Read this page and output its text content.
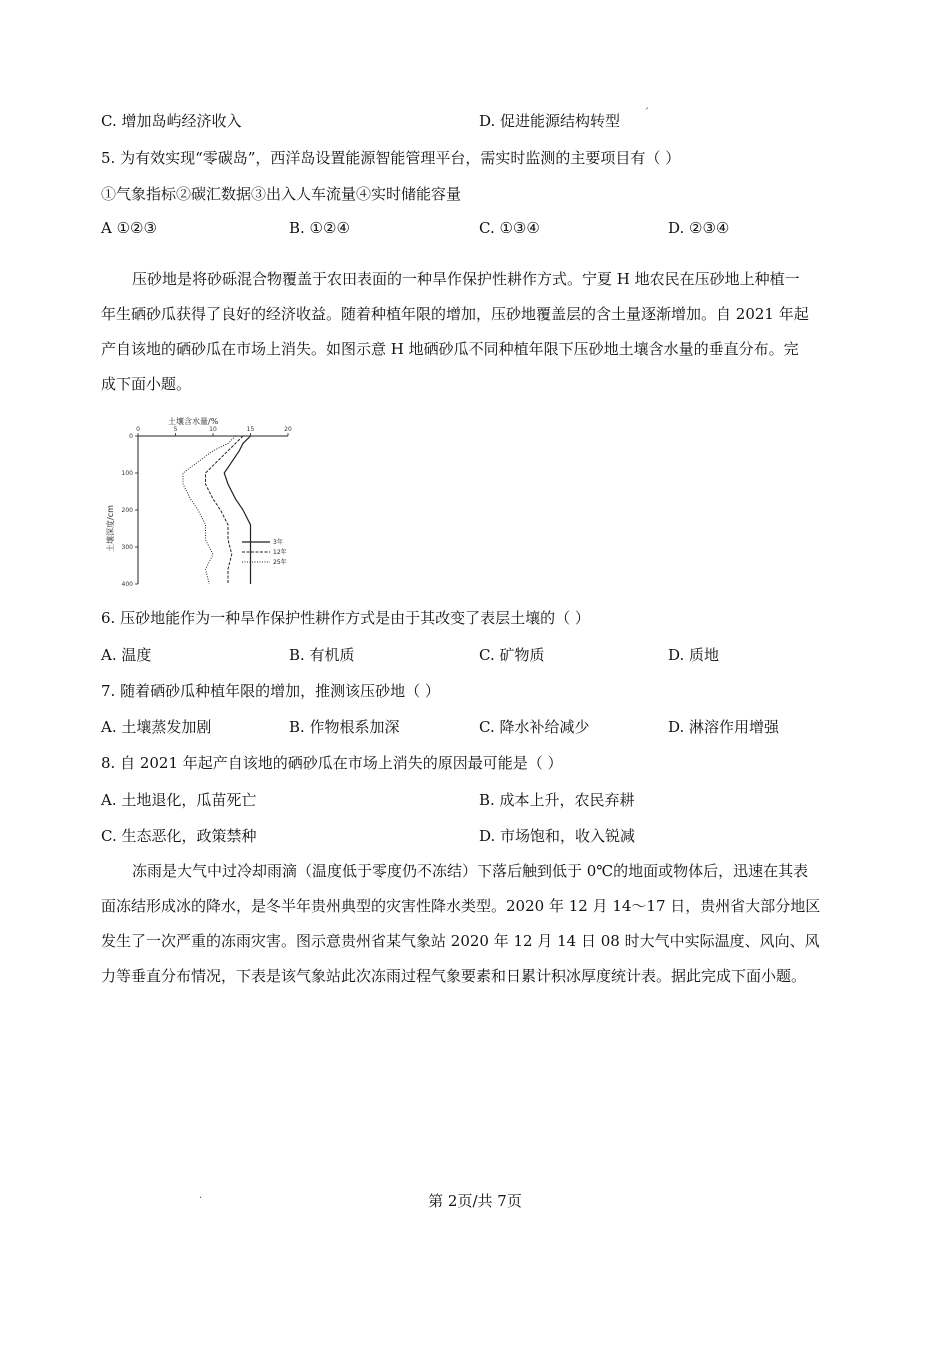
C. 增加岛屿经济收入	D. 促进能源结构转型 ˊ
5. 为有效实现“零碳岛”，西洋岛设置能源智能管理平台，需实时监测的主要项目有（ ）
①气象指标②碳汇数据③出入人车流量④实时储能容量
A ①②③	B. ①②④	C. ①③④	D. ②③④
压砂地是将砂砾混合物覆盖于农田表面的一种旱作保护性耕作方式。宁夏 H 地农民在压砂地上种植一
年生硒砂瓜获得了良好的经济收益。随着种植年限的增加，压砂地覆盖层的含土量逐渐增加。自 2021 年起
产自该地的硒砂瓜在市场上消失。如图示意 H 地硒砂瓜不同种植年限下压砂地土壤含水量的垂直分布。完
成下面小题。
土壤含水量/%
土壤深度/cm
0	5	10	15	20
0
100
200
300
400
3年
12年
25年
6. 压砂地能作为一种旱作保护性耕作方式是由于其改变了表层土壤的（ ）
A. 温度	B. 有机质	C. 矿物质	D. 质地
7. 随着硒砂瓜种植年限的增加，推测该压砂地（ ）
A. 土壤蒸发加剧	B. 作物根系加深	C. 降水补给减少	D. 淋溶作用增强
8. 自 2021 年起产自该地的硒砂瓜在市场上消失的原因最可能是（ ）
A. 土地退化，瓜苗死亡	B. 成本上升，农民弃耕
C. 生态恶化，政策禁种	D. 市场饱和，收入锐减
冻雨是大气中过冷却雨滴（温度低于零度仍不冻结）下落后触到低于 0℃的地面或物体后，迅速在其表
面冻结形成冰的降水，是冬半年贵州典型的灾害性降水类型。2020 年 12 月 14～17 日，贵州省大部分地区
发生了一次严重的冻雨灾害。图示意贵州省某气象站 2020 年 12 月 14 日 08 时大气中实际温度、风向、风
力等垂直分布情况，下表是该气象站此次冻雨过程气象要素和日累计积冰厚度统计表。据此完成下面小题。
·	第 2页/共 7页
